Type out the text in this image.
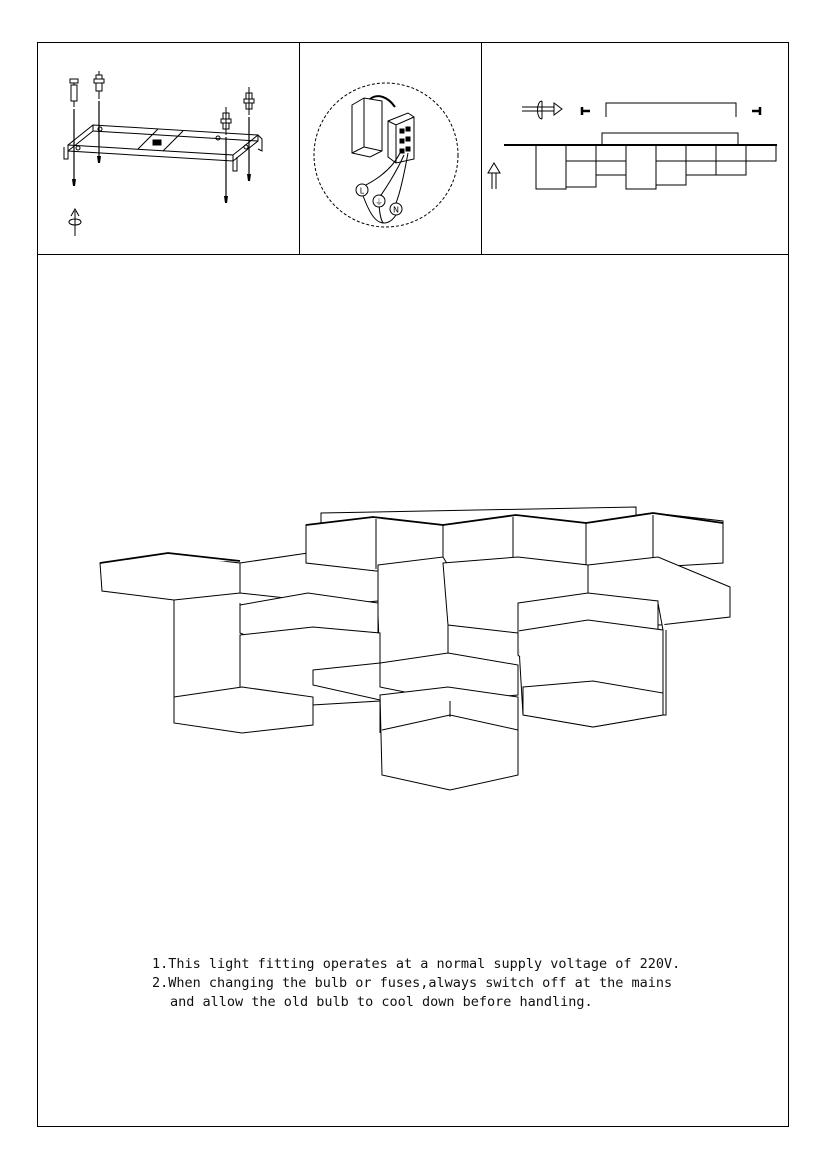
L
⏚
N
1.This light fitting operates at a normal supply voltage of 220V.
2.When changing the bulb or fuses,always switch off at the mains
and allow the old bulb to cool down before handling.
